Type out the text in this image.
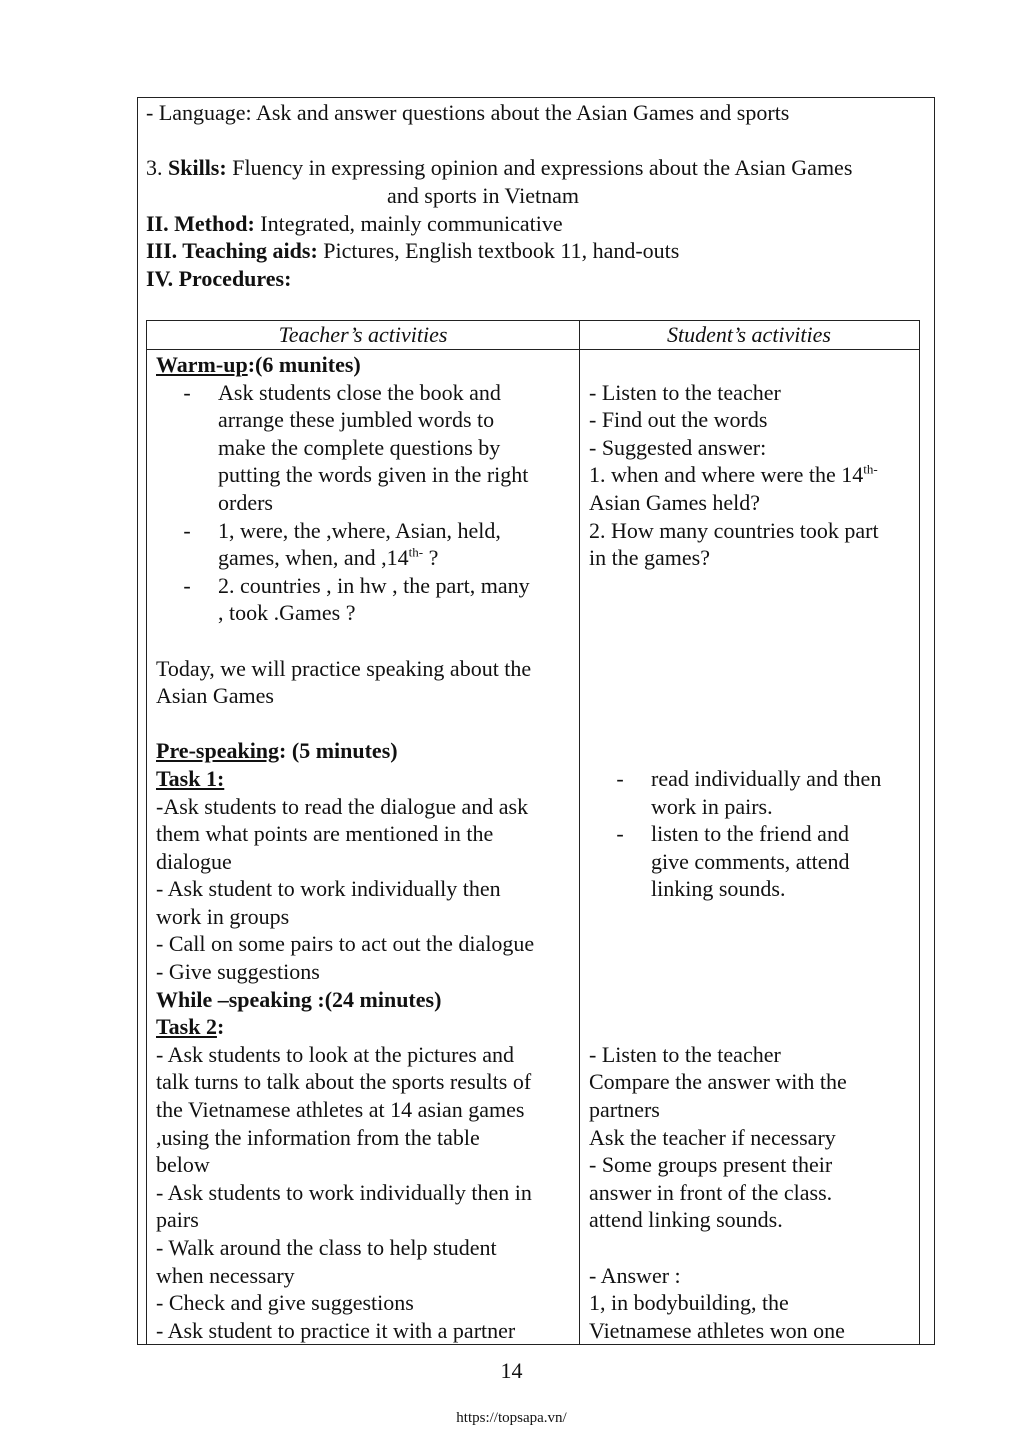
- Language: Ask and answer questions about the Asian Games and sports
3. Skills: Fluency in expressing opinion and expressions about the Asian Games
and sports in Vietnam
II. Method: Integrated, mainly communicative
III. Teaching aids: Pictures, English textbook 11, hand-outs
IV. Procedures:
Teacher’s activities	Student’s activities
Warm-up:(6 munites)
- Ask students close the book and
arrange these jumbled words to
make the complete questions by
putting the words given in the right
orders
- 1, were, the ,where, Asian, held,
games, when, and $,14^{th-}$ ?
- 2. countries , in hw , the part, many
, took .Games ?
Today, we will practice speaking about the
Asian Games
Pre-speaking: (5 minutes)
Task 1:
-Ask students to read the dialogue and ask
them what points are mentioned in the
dialogue
- Ask student to work individually then
work in groups
- Call on some pairs to act out the dialogue
- Give suggestions
While –speaking :(24 minutes)
Task 2:
- Ask students to look at the pictures and
talk turns to talk about the sports results of
the Vietnamese athletes at 14 asian games
,using the information from the table
below
- Ask students to work individually then in
pairs
- Walk around the class to help student
when necessary
- Check and give suggestions
- Ask student to practice it with a partner
- Listen to the teacher
- Find out the words
- Suggested answer:
1. when and where were the $14^{th-}$
Asian Games held?
2. How many countries took part
in the games?
- read individually and then
work in pairs.
- listen to the friend and
give comments, attend
linking sounds.
- Listen to the teacher
Compare the answer with the
partners
Ask the teacher if necessary
- Some groups present their
answer in front of the class.
attend linking sounds.
- Answer :
1, in bodybuilding, the
Vietnamese athletes won one
14
https://topsapa.vn/
